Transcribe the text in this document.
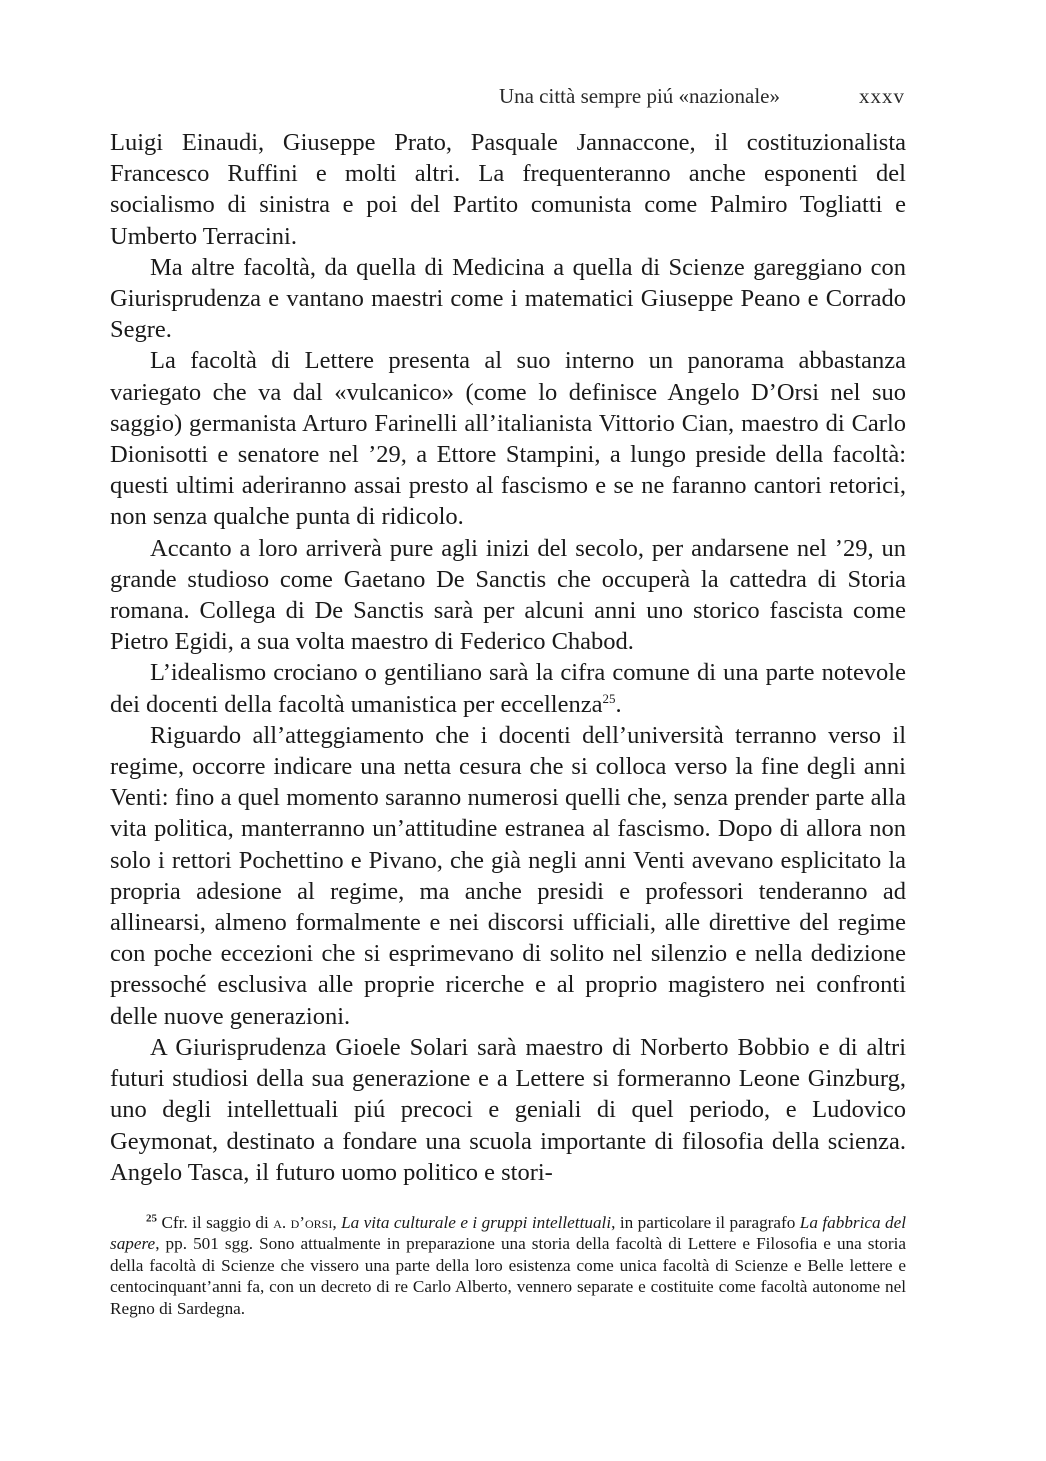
Una città sempre piú «nazionale»	xxxv

Luigi Einaudi, Giuseppe Prato, Pasquale Jannaccone, il costituzionalista Francesco Ruffini e molti altri. La frequenteranno anche esponenti del socialismo di sinistra e poi del Partito comunista come Palmiro Togliatti e Umberto Terracini.

Ma altre facoltà, da quella di Medicina a quella di Scienze gareggiano con Giurisprudenza e vantano maestri come i matematici Giuseppe Peano e Corrado Segre.

La facoltà di Lettere presenta al suo interno un panorama abbastanza variegato che va dal «vulcanico» (come lo definisce Angelo D’Orsi nel suo saggio) germanista Arturo Farinelli all’italianista Vittorio Cian, maestro di Carlo Dionisotti e senatore nel ’29, a Ettore Stampini, a lungo preside della facoltà: questi ultimi aderiranno assai presto al fascismo e se ne faranno cantori retorici, non senza qualche punta di ridicolo.

Accanto a loro arriverà pure agli inizi del secolo, per andarsene nel ’29, un grande studioso come Gaetano De Sanctis che occuperà la cattedra di Storia romana. Collega di De Sanctis sarà per alcuni anni uno storico fascista come Pietro Egidi, a sua volta maestro di Federico Chabod.

L’idealismo crociano o gentiliano sarà la cifra comune di una parte notevole dei docenti della facoltà umanistica per eccellenza$^{25}$.

Riguardo all’atteggiamento che i docenti dell’università terranno verso il regime, occorre indicare una netta cesura che si colloca verso la fine degli anni Venti: fino a quel momento saranno numerosi quelli che, senza prender parte alla vita politica, manterranno un’attitudine estranea al fascismo. Dopo di allora non solo i rettori Pochettino e Pivano, che già negli anni Venti avevano esplicitato la propria adesione al regime, ma anche presidi e professori tenderanno ad allinearsi, almeno formalmente e nei discorsi ufficiali, alle direttive del regime con poche eccezioni che si esprimevano di solito nel silenzio e nella dedizione pressoché esclusiva alle proprie ricerche e al proprio magistero nei confronti delle nuove generazioni.

A Giurisprudenza Gioele Solari sarà maestro di Norberto Bobbio e di altri futuri studiosi della sua generazione e a Lettere si formeranno Leone Ginzburg, uno degli intellettuali piú precoci e geniali di quel periodo, e Ludovico Geymonat, destinato a fondare una scuola importante di filosofia della scienza. Angelo Tasca, il futuro uomo politico e stori-

$^{25}$ Cfr. il saggio di a. d’orsi, La vita culturale e i gruppi intellettuali, in particolare il paragrafo La fabbrica del sapere, pp. 501 sgg. Sono attualmente in preparazione una storia della facoltà di Lettere e Filosofia e una storia della facoltà di Scienze che vissero una parte della loro esistenza come unica facoltà di Scienze e Belle lettere e centocinquant’anni fa, con un decreto di re Carlo Alberto, vennero separate e costituite come facoltà autonome nel Regno di Sardegna.
